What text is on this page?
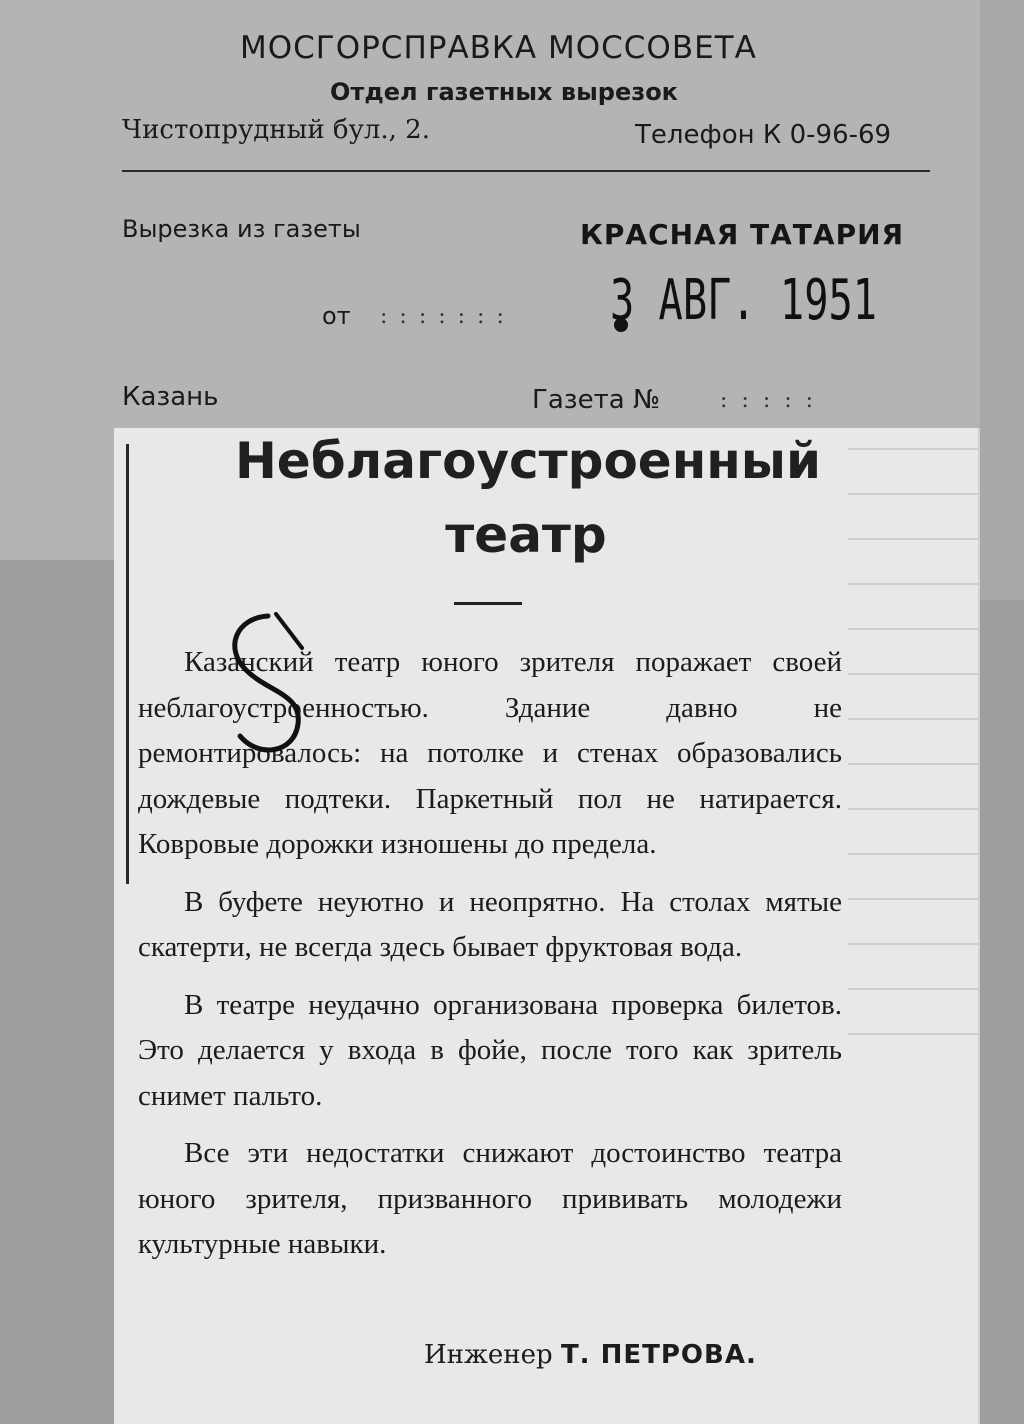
МОСГОРСПРАВКА МОССОВЕТА
Отдел газетных вырезок
Чистопрудный бул., 2.	Телефон К 0-96-69
Вырезка из газеты	КРАСНАЯ ТАТАРИЯ
от ::::::: 3 АВГ. 1951
Казань	Газета №	:::::
Неблагоустроенный
театр

Казанский театр юного зрителя поражает своей неблагоустроенностью. Здание давно не ремонтировалось: на потолке и стенах образовались дождевые подтеки. Паркетный пол не натирается. Ковровые дорожки изношены до предела.

В буфете неуютно и неопрятно. На столах мятые скатерти, не всегда здесь бывает фруктовая вода.

В театре неудачно организована проверка билетов. Это делается у входа в фойе, после того как зритель снимет пальто.

Все эти недостатки снижают достоинство театра юного зрителя, призванного прививать молодежи культурные навыки.

Инженер Т. ПЕТРОВА.
